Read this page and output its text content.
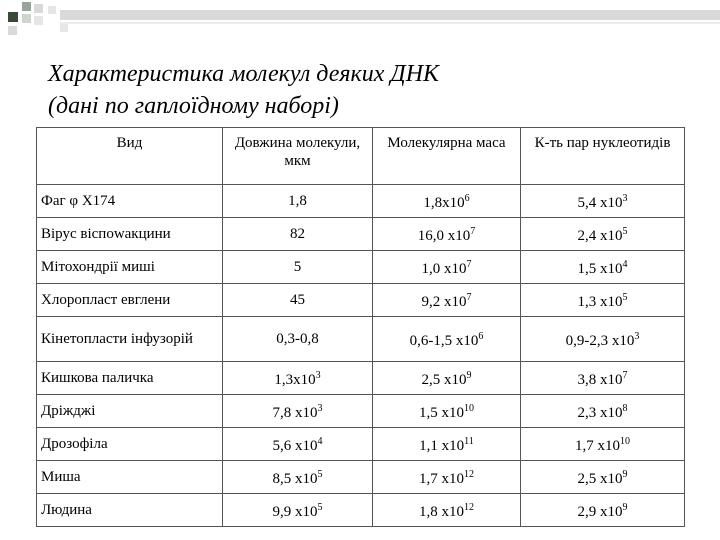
Характеристика молекул деяких ДНК
(дані по гаплоїдному наборі)
Вид	Довжина молекули, мкм	Молекулярна маса	К-ть пар нуклеотидів
Фаг φ X174	1,8	$1,8х10^6$	5,4 $х10^3$
Вірус віспowакцини	82	16,0 $х10^7$	2,4 $х10^5$
Мітохондрії миші	5	1,0 $х10^7$	1,5 $х10^4$
Хлоропласт евглени	45	9,2 $х10^7$	1,3 $х10^5$
Кінетопласти інфузорій	0,3-0,8	0,6-1,5 $х10^6$	0,9-2,3 $х10^3$
Кишкова паличка	$1,3х10^3$	2,5 $х10^9$	3,8 $х10^7$
Дріжджі	7,8 $х10^3$	1,5 $х10^{10}$	2,3 $х10^8$
Дрозофіла	5,6 $х10^4$	1,1 $х10^{11}$	1,7 $х10^{10}$
Миша	8,5 $х10^5$	1,7 $х10^{12}$	2,5 $х10^9$
Людина	9,9 $х10^5$	1,8 $х10^{12}$	2,9 $х10^9$
